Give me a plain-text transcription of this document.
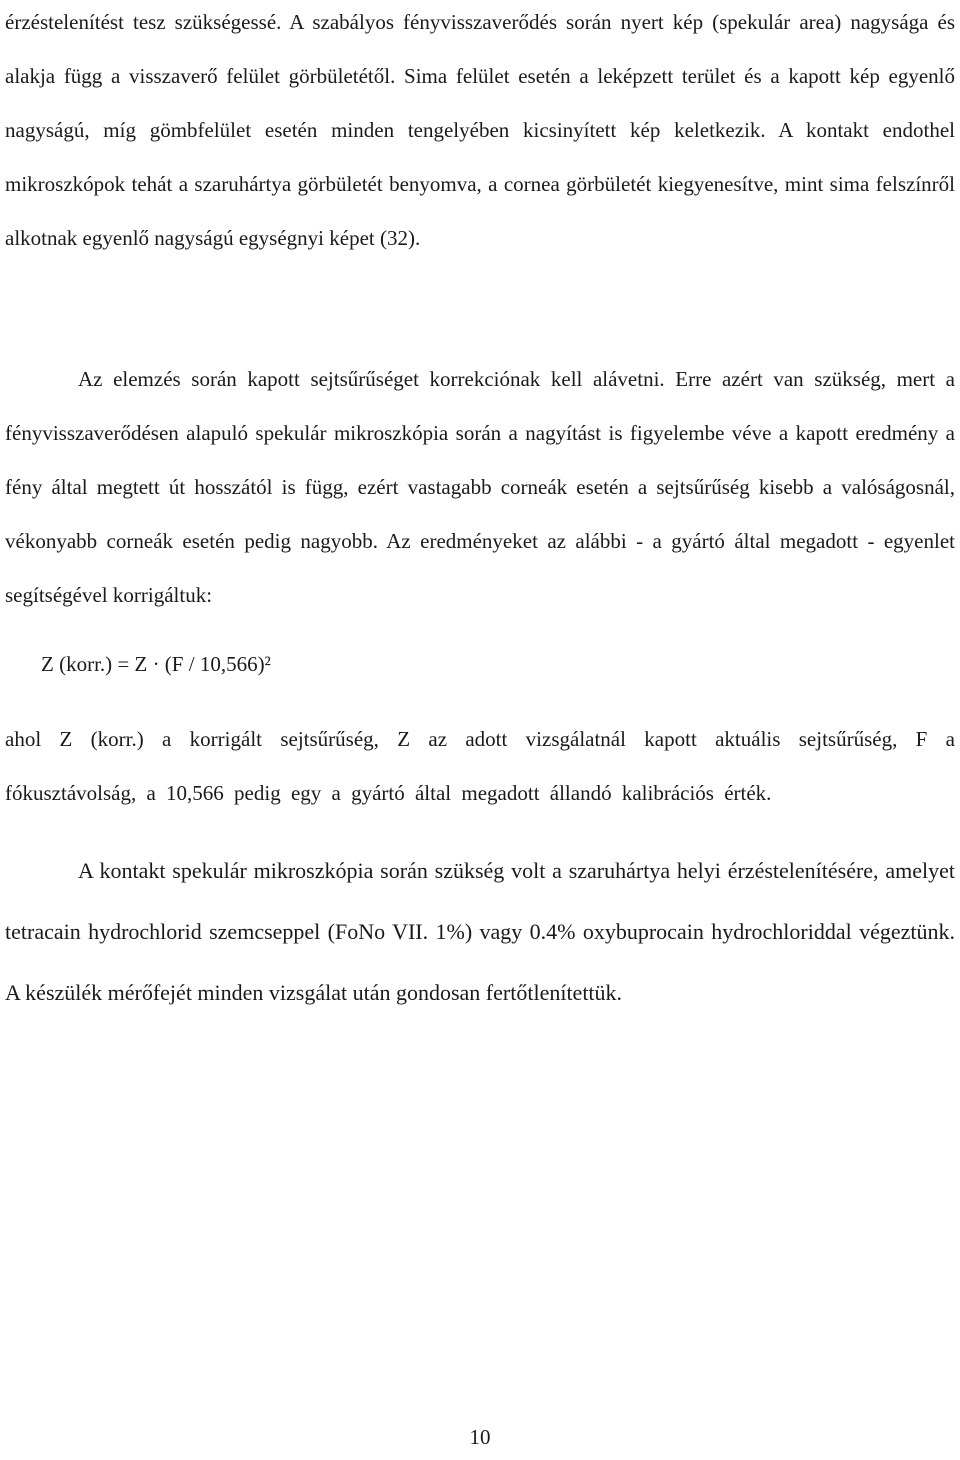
érzéstelenítést tesz szükségessé. A szabályos fényvisszaverődés során nyert kép (spekulár area) nagysága és alakja függ a visszaverő felület görbületétől. Sima felület esetén a leképzett terület és a kapott kép egyenlő nagyságú, míg gömbfelület esetén minden tengelyében kicsinyített kép keletkezik. A kontakt endothel mikroszkópok tehát a szaruhártya görbületét benyomva, a cornea görbületét kiegyenesítve, mint sima felszínről alkotnak egyenlő nagyságú egységnyi képet (32).

Az elemzés során kapott sejtsűrűséget korrekciónak kell alávetni. Erre azért van szükség, mert a fényvisszaverődésen alapuló spekulár mikroszkópia során a nagyítást is figyelembe véve a kapott eredmény a fény által megtett út hosszától is függ, ezért vastagabb corneák esetén a sejtsűrűség kisebb a valóságosnál, vékonyabb corneák esetén pedig nagyobb. Az eredményeket az alábbi - a gyártó által megadott - egyenlet segítségével korrigáltuk:

Z (korr.) = Z · (F / 10,566)²

ahol Z (korr.) a korrigált sejtsűrűség, Z az adott vizsgálatnál kapott aktuális sejtsűrűség, F a fókusztávolság, a 10,566 pedig egy a gyártó által megadott állandó kalibrációs érték.

A kontakt spekulár mikroszkópia során szükség volt a szaruhártya helyi érzéstelenítésére, amelyet tetracain hydrochlorid szemcseppel (FoNo VII. 1%) vagy 0.4% oxybuprocain hydrochloriddal végeztünk. A készülék mérőfejét minden vizsgálat után gondosan fertőtlenítettük.

10
